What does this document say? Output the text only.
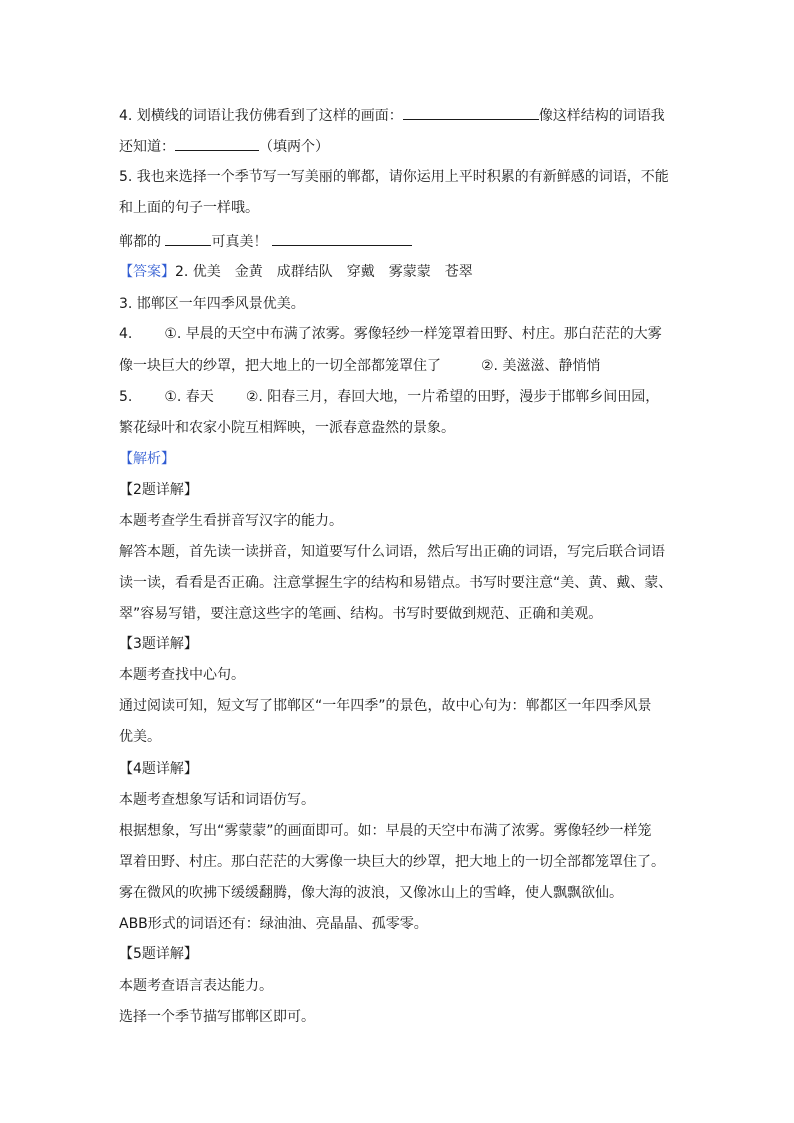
4. 划横线的词语让我仿佛看到了这样的画面：	像这样结构的词语我
还知道：	（填两个）
5. 我也来选择一个季节写一写美丽的郸都，请你运用上平时积累的有新鲜感的词语，不能
和上面的句子一样哦。
郸都的	可真美！
【答案】2. 优美　金黄　成群结队　穿戴　雾蒙蒙　苍翠
3. 邯郸区一年四季风景优美。
4. ①. 早晨的天空中布满了浓雾。雾像轻纱一样笼罩着田野、村庄。那白茫茫的大雾
像一块巨大的纱罩，把大地上的一切全部都笼罩住了	②. 美滋滋、静悄悄
5. ①. 春天 ②. 阳春三月，春回大地，一片希望的田野，漫步于邯郸乡间田园，
繁花绿叶和农家小院互相辉映，一派春意盎然的景象。
【解析】
【2题详解】
本题考查学生看拼音写汉字的能力。
解答本题，首先读一读拼音，知道要写什么词语，然后写出正确的词语，写完后联合词语
读一读，看看是否正确。注意掌握生字的结构和易错点。书写时要注意“美、黄、戴、蒙、
翠”容易写错，要注意这些字的笔画、结构。书写时要做到规范、正确和美观。
【3题详解】
本题考查找中心句。
通过阅读可知，短文写了邯郸区“一年四季”的景色，故中心句为：郸都区一年四季风景
优美。
【4题详解】
本题考查想象写话和词语仿写。
根据想象，写出“雾蒙蒙”的画面即可。如：早晨的天空中布满了浓雾。雾像轻纱一样笼
罩着田野、村庄。那白茫茫的大雾像一块巨大的纱罩，把大地上的一切全部都笼罩住了。
雾在微风的吹拂下缓缓翻腾，像大海的波浪，又像冰山上的雪峰，使人飘飘欲仙。
ABB形式的词语还有：绿油油、亮晶晶、孤零零。
【5题详解】
本题考查语言表达能力。
选择一个季节描写邯郸区即可。
